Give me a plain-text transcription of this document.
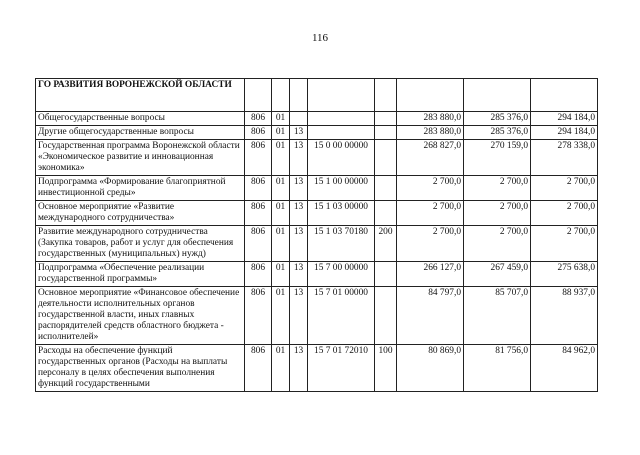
116
ГО РАЗВИТИЯ ВОРОНЕЖСКОЙ ОБЛАСТИ								
Общегосударственные вопросы	806	01				283 880,0	285 376,0	294 184,0
Другие общегосударственные вопросы	806	01	13			283 880,0	285 376,0	294 184,0
Государственная программа Воронежской области «Экономическое развитие и инновационная экономика»	806	01	13	15 0 00 00000		268 827,0	270 159,0	278 338,0
Подпрограмма «Формирование благоприятной инвестиционной среды»	806	01	13	15 1 00 00000		2 700,0	2 700,0	2 700,0
Основное мероприятие «Развитие международного сотрудничества»	806	01	13	15 1 03 00000		2 700,0	2 700,0	2 700,0
Развитие международного сотрудничества (Закупка товаров, работ и услуг для обеспечения государственных (муниципальных) нужд)	806	01	13	15 1 03 70180	200	2 700,0	2 700,0	2 700,0
Подпрограмма «Обеспечение реализации государственной программы»	806	01	13	15 7 00 00000		266 127,0	267 459,0	275 638,0
Основное мероприятие «Финансовое обеспечение деятельности исполнительных органов государственной власти, иных главных распорядителей средств областного бюджета - исполнителей»	806	01	13	15 7 01 00000		84 797,0	85 707,0	88 937,0
Расходы на обеспечение функций государственных органов (Расходы на выплаты персоналу в целях обеспечения выполнения функций государственными	806	01	13	15 7 01 72010	100	80 869,0	81 756,0	84 962,0
